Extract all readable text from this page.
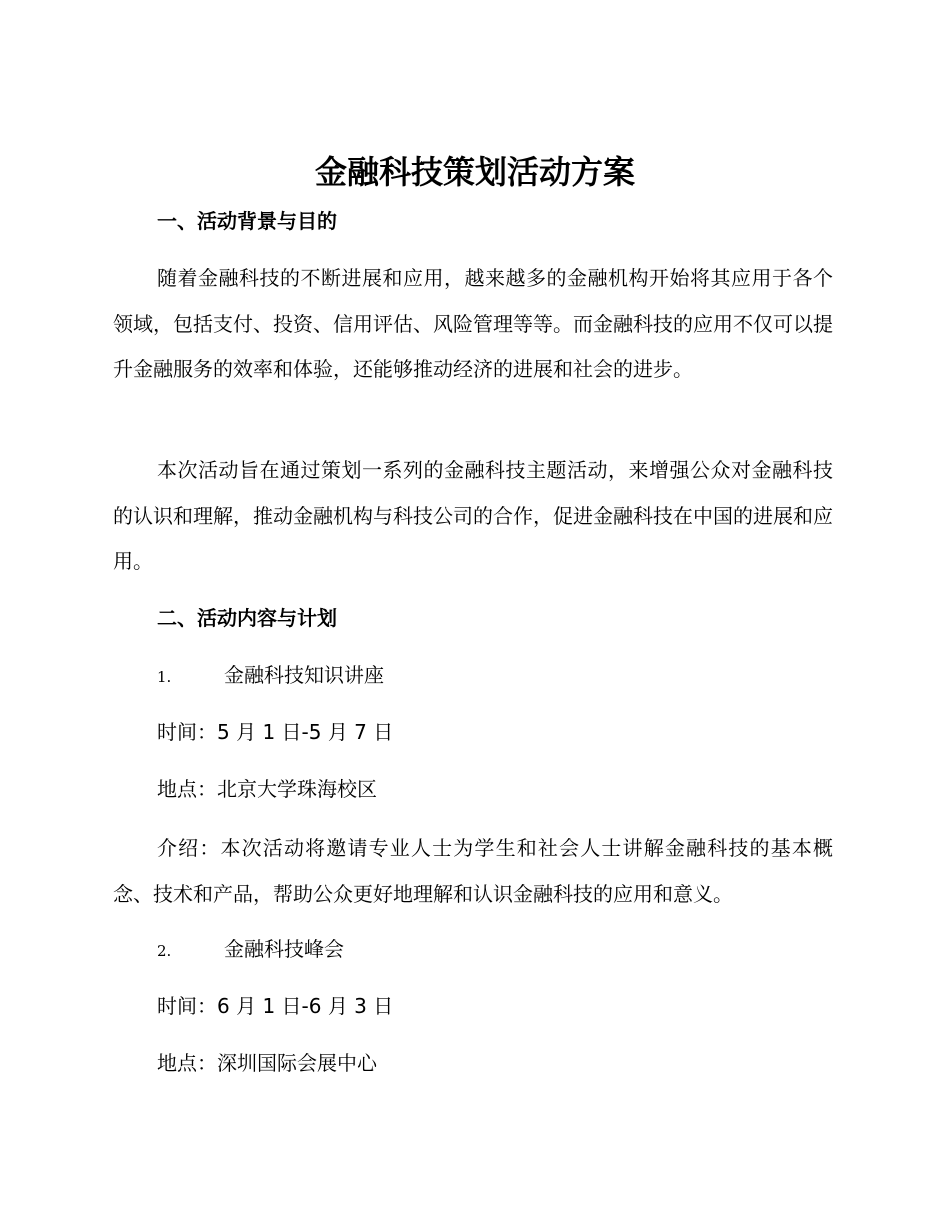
金融科技策划活动方案
一、活动背景与目的

随着金融科技的不断进展和应用，越来越多的金融机构开始将其应用于各个领域，包括支付、投资、信用评估、风险管理等等。而金融科技的应用不仅可以提升金融服务的效率和体验，还能够推动经济的进展和社会的进步。

本次活动旨在通过策划一系列的金融科技主题活动，来增强公众对金融科技的认识和理解，推动金融机构与科技公司的合作，促进金融科技在中国的进展和应用。

二、活动内容与计划
1.	金融科技知识讲座

时间：5 月 1 日-5 月 7 日

地点：北京大学珠海校区

介绍：本次活动将邀请专业人士为学生和社会人士讲解金融科技的基本概念、技术和产品，帮助公众更好地理解和认识金融科技的应用和意义。

2.	金融科技峰会

时间：6 月 1 日-6 月 3 日

地点：深圳国际会展中心
